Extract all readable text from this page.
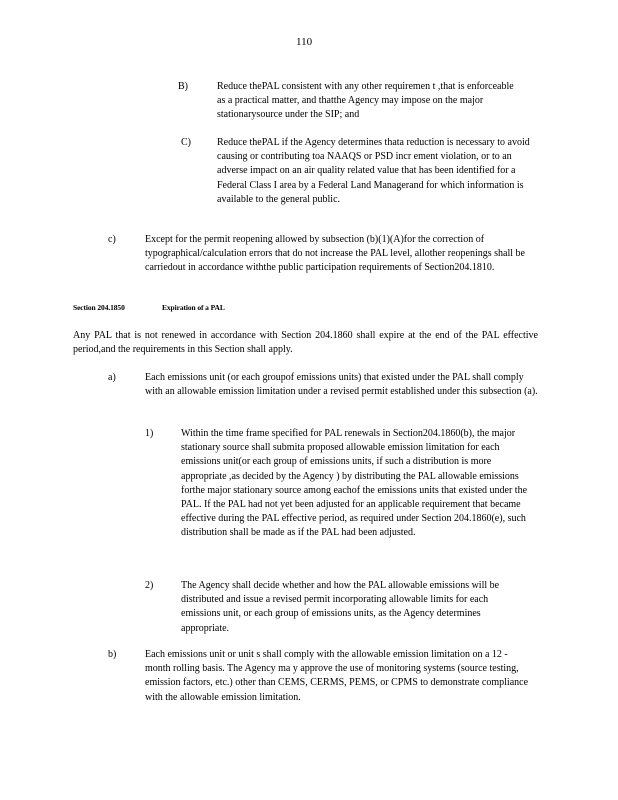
110
B)	Reduce thePAL consistent with any other requiremen t ,that is enforceable as a practical matter, and thatthe Agency may impose on the major stationarysource under the SIP; and
C)	Reduce thePAL if the Agency determines thata reduction is necessary to avoid causing or contributing toa NAAQS or PSD incr ement violation, or to an adverse impact on an air quality related value that has been identified for a Federal Class I area by a Federal Land Managerand for which information is available to the general public.
c)	Except for the permit reopening allowed by subsection (b)(1)(A)for the correction of typographical/calculation errors that do not increase the PAL level, allother reopenings shall be carriedout in accordance withthe public participation requirements of Section204.1810.
Section 204.1850	Expiration of a PAL
Any PAL that is not renewed in accordance with Section 204.1860 shall expire at the end of the PAL effective period,and the requirements in this Section shall apply.
a)	Each emissions unit (or each groupof emissions units) that existed under the PAL shall comply with an allowable emission limitation under a revised permit established under this subsection (a).
1)	Within the time frame specified for PAL renewals in Section204.1860(b), the major stationary source shall submita proposed allowable emission limitation for each emissions unit(or each group of emissions units, if such a distribution is more appropriate ,as decided by the Agency ) by distributing the PAL allowable emissions forthe major stationary source among eachof the emissions units that existed under the PAL. If the PAL had not yet been adjusted for an applicable requirement that became effective during the PAL effective period, as required under Section 204.1860(e), such distribution shall be made as if the PAL had been adjusted.
2)	The Agency shall decide whether and how the PAL allowable emissions will be distributed and issue a revised permit incorporating allowable limits for each emissions unit, or each group of emissions units, as the Agency determines appropriate.
b)	Each emissions unit or unit s shall comply with the allowable emission limitation on a 12 -month rolling basis. The Agency ma y approve the use of monitoring systems (source testing, emission factors, etc.) other than CEMS, CERMS, PEMS, or CPMS to demonstrate compliance with the allowable emission limitation.
